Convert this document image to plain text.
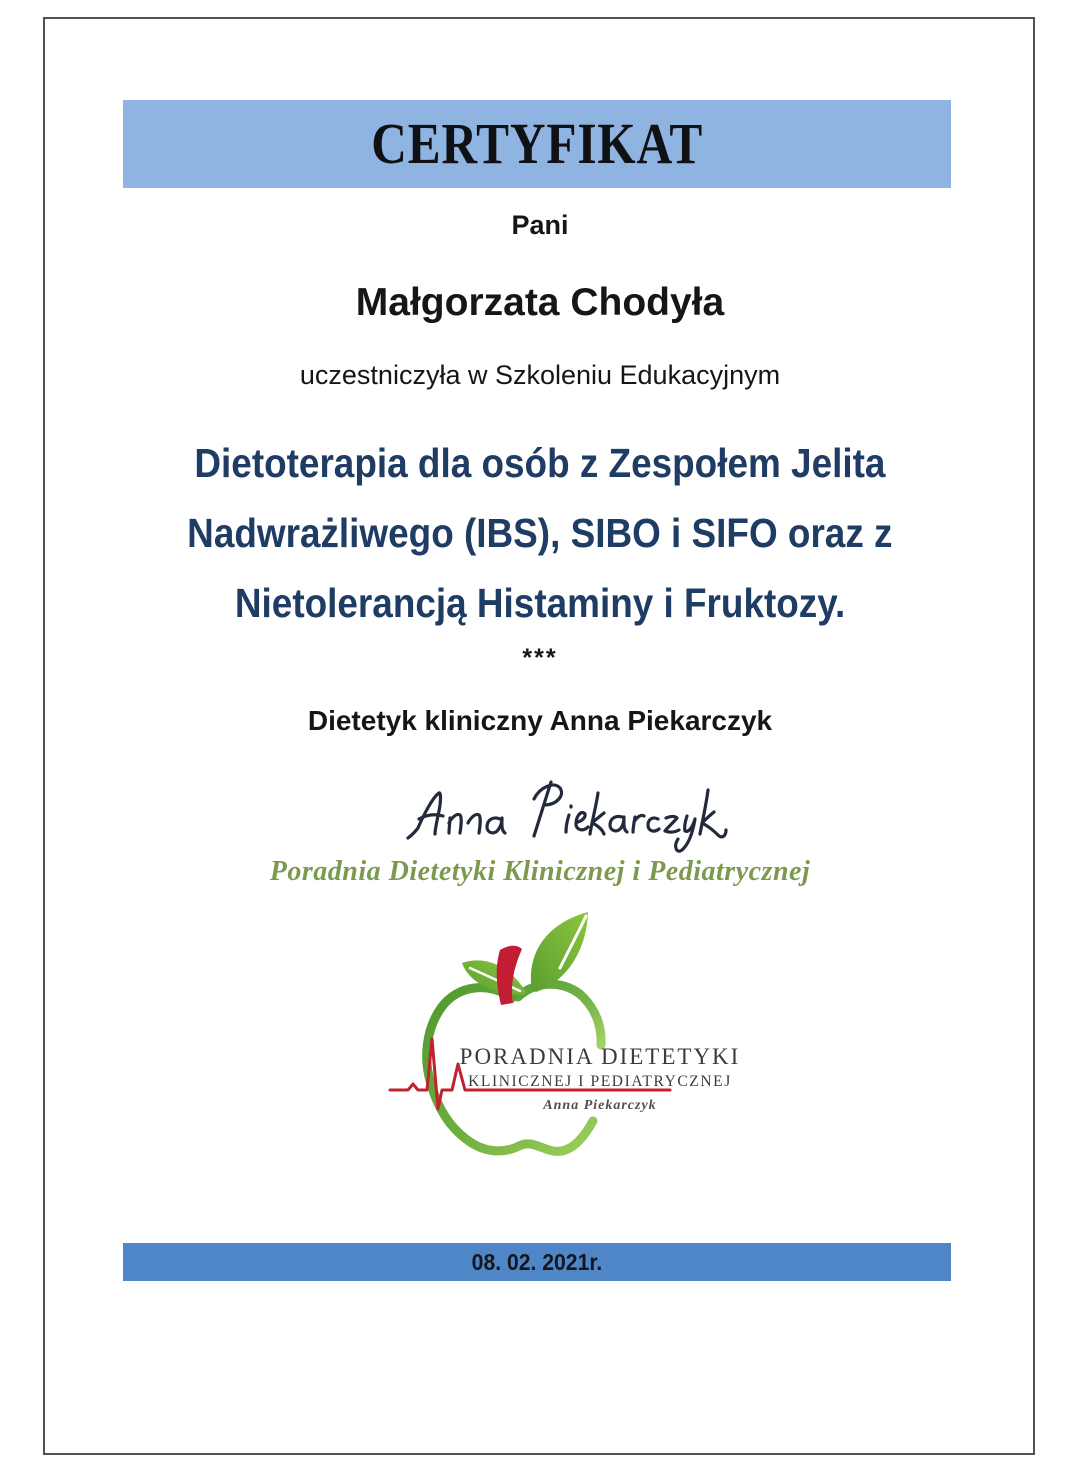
CERTYFIKAT
Pani
Małgorzata Chodyła
uczestniczyła w Szkoleniu Edukacyjnym
Dietoterapia dla osób z Zespołem Jelita
Nadwrażliwego (IBS), SIBO i SIFO oraz z
Nietolerancją Histaminy i Fruktozy.
***
Dietetyk kliniczny Anna Piekarczyk
Poradnia Dietetyki Klinicznej i Pediatrycznej
PORADNIA DIETETYKI
KLINICZNEJ I PEDIATRYCZNEJ
Anna Piekarczyk
08. 02. 2021r.
